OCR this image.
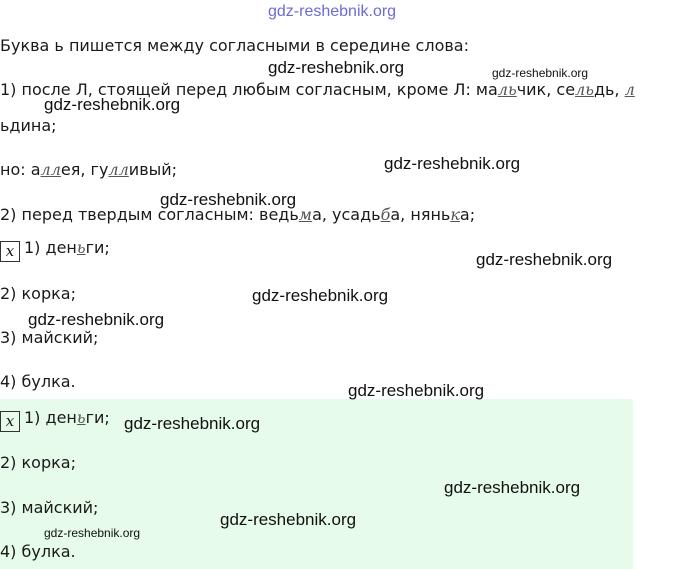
gdz-reshebnik.org
Буква ь пишется между согласными в середине слова:
1) после Л, стоящей перед любым согласным, кроме Л: мальчик, сельдь, л
ьдина;
но: аллея, гулливый;
2) перед твердым согласным: ведьма, усадьба, нянька;
х 1) деньги;
2) корка;
3) майский;
4) булка.
х 1) деньги;
2) корка;
3) майский;
4) булка.
gdz-reshebnik.org	gdz-reshebnik.org
gdz-reshebnik.org
gdz-reshebnik.org
gdz-reshebnik.org
gdz-reshebnik.org
gdz-reshebnik.org
gdz-reshebnik.org
gdz-reshebnik.org
gdz-reshebnik.org
gdz-reshebnik.org
gdz-reshebnik.org
gdz-reshebnik.org
